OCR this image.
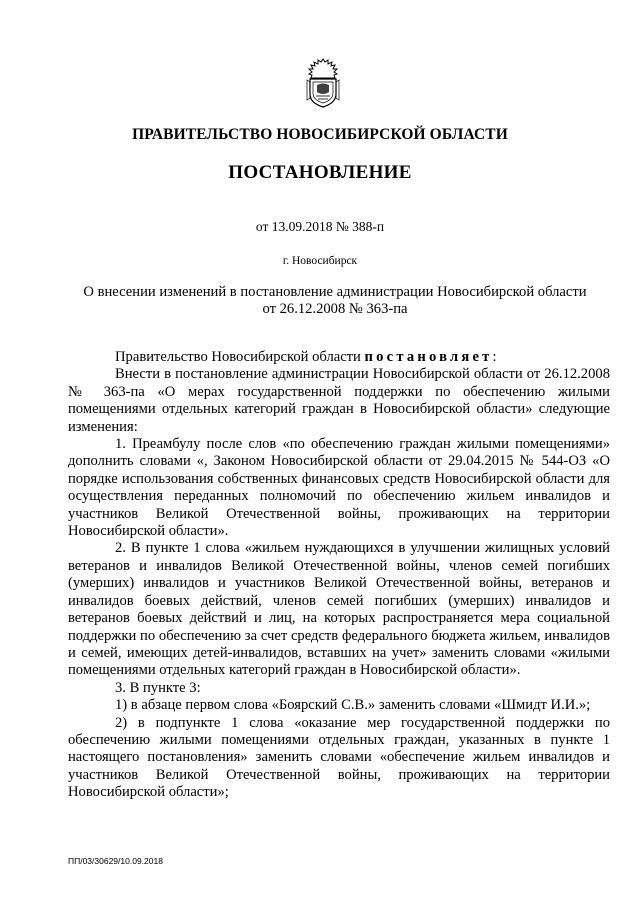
ПРАВИТЕЛЬСТВО НОВОСИБИРСКОЙ ОБЛАСТИ
ПОСТАНОВЛЕНИЕ
от 13.09.2018 № 388-п
г. Новосибирск
О внесении изменений в постановление администрации Новосибирской области
от 26.12.2008 № 363-па

Правительство Новосибирской области постановляет:

Внести в постановление администрации Новосибирской области от 26.12.2008 № 363-па «О мерах государственной поддержки по обеспечению жилыми помещениями отдельных категорий граждан в Новосибирской области» следующие изменения:

1. Преамбулу после слов «по обеспечению граждан жилыми помещениями» дополнить словами «, Законом Новосибирской области от 29.04.2015 № 544-ОЗ «О порядке использования собственных финансовых средств Новосибирской области для осуществления переданных полномочий по обеспечению жильем инвалидов и участников Великой Отечественной войны, проживающих на территории Новосибирской области».

2. В пункте 1 слова «жильем нуждающихся в улучшении жилищных условий ветеранов и инвалидов Великой Отечественной войны, членов семей погибших (умерших) инвалидов и участников Великой Отечественной войны, ветеранов и инвалидов боевых действий, членов семей погибших (умерших) инвалидов и ветеранов боевых действий и лиц, на которых распространяется мера социальной поддержки по обеспечению за счет средств федерального бюджета жильем, инвалидов и семей, имеющих детей-инвалидов, вставших на учет» заменить словами «жилыми помещениями отдельных категорий граждан в Новосибирской области».

3. В пункте 3:

1) в абзаце первом слова «Боярский С.В.» заменить словами «Шмидт И.И.»;

2) в подпункте 1 слова «оказание мер государственной поддержки по обеспечению жилыми помещениями отдельных граждан, указанных в пункте 1 настоящего постановления» заменить словами «обеспечение жильем инвалидов и участников Великой Отечественной войны, проживающих на территории Новосибирской области»;

ПП/03/30629/10.09.2018
